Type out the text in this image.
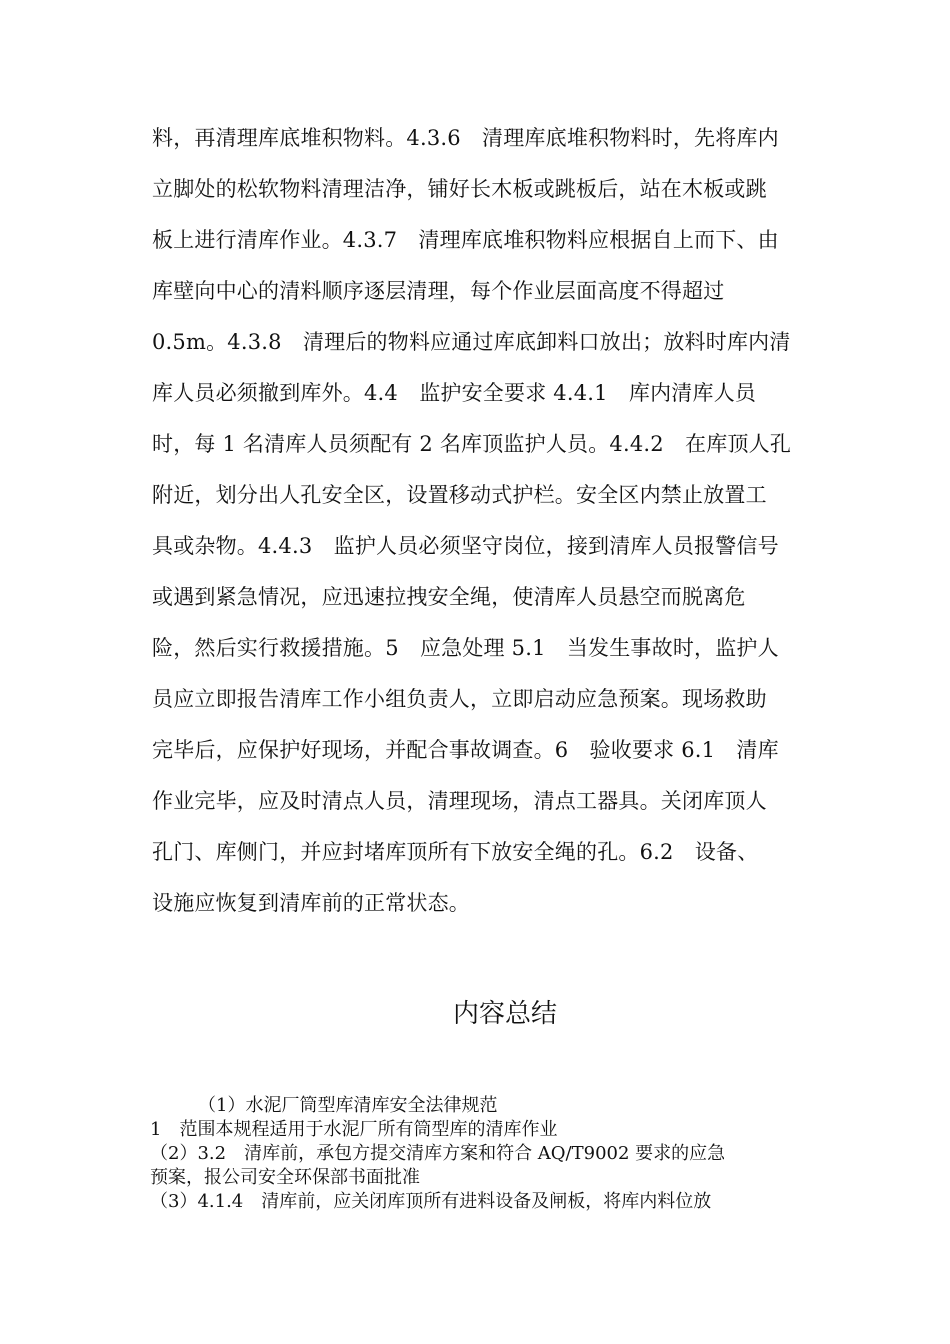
料，再清理库底堆积物料。4.3.6　清理库底堆积物料时，先将库内
立脚处的松软物料清理洁净，铺好长木板或跳板后，站在木板或跳
板上进行清库作业。4.3.7　清理库底堆积物料应根据自上而下、由
库壁向中心的清料顺序逐层清理，每个作业层面高度不得超过
0.5m。4.3.8　清理后的物料应通过库底卸料口放出；放料时库内清
库人员必须撤到库外。4.4　监护安全要求 4.4.1　库内清库人员
时，每 1 名清库人员须配有 2 名库顶监护人员。4.4.2　在库顶人孔
附近，划分出人孔安全区，设置移动式护栏。安全区内禁止放置工
具或杂物。4.4.3　监护人员必须坚守岗位，接到清库人员报警信号
或遇到紧急情况，应迅速拉拽安全绳，使清库人员悬空而脱离危
险，然后实行救援措施。5　应急处理 5.1　当发生事故时，监护人
员应立即报告清库工作小组负责人，立即启动应急预案。现场救助
完毕后，应保护好现场，并配合事故调查。6　验收要求 6.1　清库
作业完毕，应及时清点人员，清理现场，清点工器具。关闭库顶人
孔门、库侧门，并应封堵库顶所有下放安全绳的孔。6.2　设备、
设施应恢复到清库前的正常状态。
内容总结
（1）水泥厂筒型库清库安全法律规范
1　范围本规程适用于水泥厂所有筒型库的清库作业
（2）3.2　清库前，承包方提交清库方案和符合 AQ/T9002 要求的应急
预案，报公司安全环保部书面批准
（3）4.1.4　清库前，应关闭库顶所有进料设备及闸板，将库内料位放
